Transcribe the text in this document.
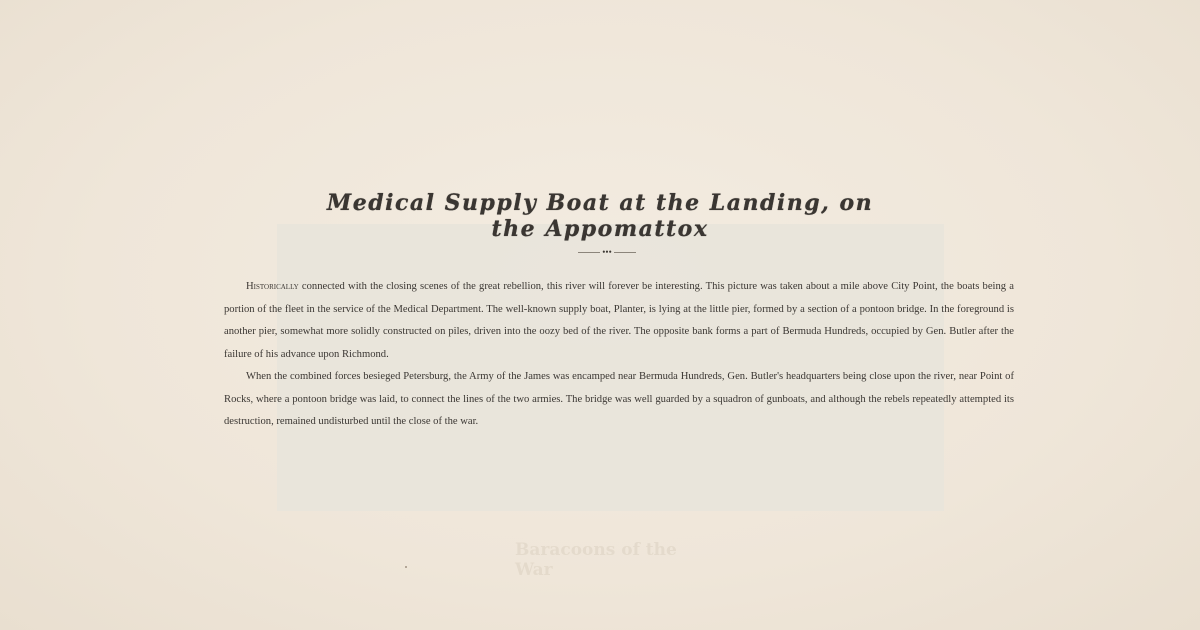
Baracoons of the War
Medical Supply Boat at the Landing, on the Appomattox
•••

Historically connected with the closing scenes of the great rebellion, this river will forever be interesting. This picture was taken about a mile above City Point, the boats being a portion of the fleet in the service of the Medical Department. The well-known supply boat, Planter, is lying at the little pier, formed by a section of a pontoon bridge. In the foreground is another pier, somewhat more solidly constructed on piles, driven into the oozy bed of the river. The opposite bank forms a part of Bermuda Hundreds, occupied by Gen. Butler after the failure of his advance upon Richmond.

When the combined forces besieged Petersburg, the Army of the James was encamped near Bermuda Hundreds, Gen. Butler's headquarters being close upon the river, near Point of Rocks, where a pontoon bridge was laid, to connect the lines of the two armies. The bridge was well guarded by a squadron of gunboats, and although the rebels repeatedly attempted its destruction, remained undisturbed until the close of the war.
